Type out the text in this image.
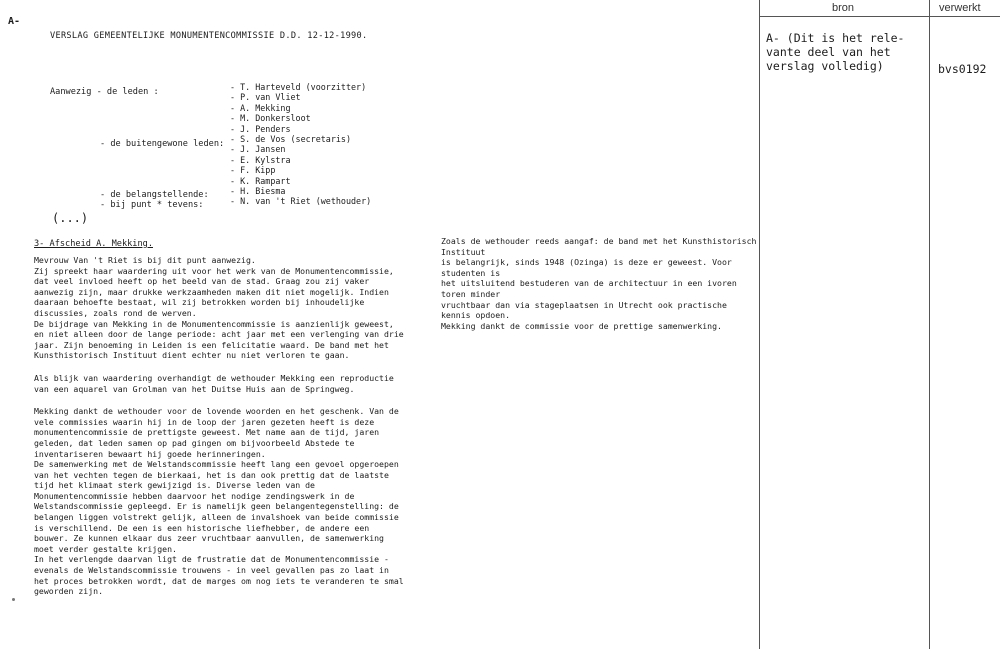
A-
VERSLAG GEMEENTELIJKE MONUMENTENCOMMISSIE D.D. 12-12-1990.
Aanwezig - de leden :
- de buitengewone leden:
- de belangstellende:
- bij punt * tevens:
- T. Harteveld (voorzitter)
- P. van Vliet
- A. Mekking
- M. Donkersloot
- J. Penders
- S. de Vos (secretaris)
- J. Jansen
- E. Kylstra
- F. Kipp
- K. Rampart
- H. Biesma
- N. van 't Riet (wethouder)
(...)
3- Afscheid A. Mekking.

Mevrouw Van 't Riet is bij dit punt aanwezig.
Zij spreekt haar waardering uit voor het werk van de Monumentencommissie,
dat veel invloed heeft op het beeld van de stad. Graag zou zij vaker
aanwezig zijn, maar drukke werkzaamheden maken dit niet mogelijk. Indien
daaraan behoefte bestaat, wil zij betrokken worden bij inhoudelijke
discussies, zoals rond de werven.
De bijdrage van Mekking in de Monumentencommissie is aanzienlijk geweest,
en niet alleen door de lange periode: acht jaar met een verlenging van drie
jaar. Zijn benoeming in Leiden is een felicitatie waard. De band met het
Kunsthistorisch Instituut dient echter nu niet verloren te gaan.

Als blijk van waardering overhandigt de wethouder Mekking een reproductie
van een aquarel van Grolman van het Duitse Huis aan de Springweg.

Mekking dankt de wethouder voor de lovende woorden en het geschenk. Van de
vele commissies waarin hij in de loop der jaren gezeten heeft is deze
monumentencommissie de prettigste geweest. Met name aan de tijd, jaren
geleden, dat leden samen op pad gingen om bijvoorbeeld Abstede te
inventariseren bewaart hij goede herinneringen.
De samenwerking met de Welstandscommissie heeft lang een gevoel opgeroepen
van het vechten tegen de bierkaai, het is dan ook prettig dat de laatste
tijd het klimaat sterk gewijzigd is. Diverse leden van de
Monumentencommissie hebben daarvoor het nodige zendingswerk in de
Welstandscommissie gepleegd. Er is namelijk geen belangentegenstelling: de
belangen liggen volstrekt gelijk, alleen de invalshoek van beide commissie
is verschillend. De een is een historische liefhebber, de andere een
bouwer. Ze kunnen elkaar dus zeer vruchtbaar aanvullen, de samenwerking
moet verder gestalte krijgen.
In het verlengde daarvan ligt de frustratie dat de Monumentencommissie -
evenals de Welstandscommissie trouwens - in veel gevallen pas zo laat in
het proces betrokken wordt, dat de marges om nog iets te veranderen te smal
geworden zijn.

Zoals de wethouder reeds aangaf: de band met het Kunsthistorisch Instituut
is belangrijk, sinds 1948 (Ozinga) is deze er geweest. Voor studenten is
het uitsluitend bestuderen van de architectuur in een ivoren toren minder
vruchtbaar dan via stageplaatsen in Utrecht ook practische kennis opdoen.
Mekking dankt de commissie voor de prettige samenwerking.

bron	verwerkt
A- (Dit is het rele-
vante deel van het
verslag volledig)	bvs0192
